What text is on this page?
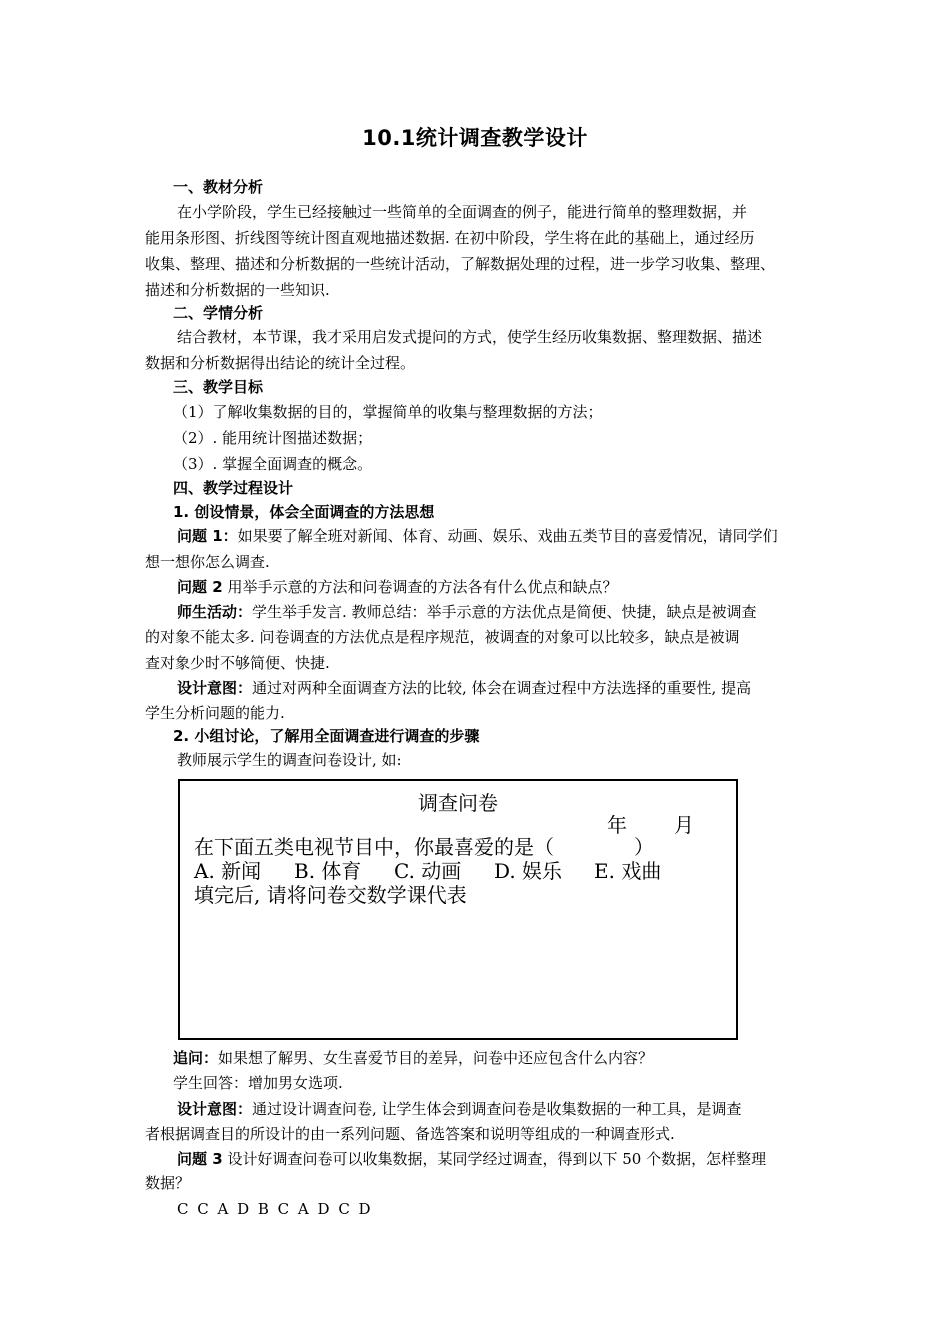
10.1统计调查教学设计
一、教材分析
在小学阶段，学生已经接触过一些简单的全面调查的例子，能进行简单的整理数据，并
能用条形图、折线图等统计图直观地描述数据. 在初中阶段，学生将在此的基础上，通过经历
收集、整理、描述和分析数据的一些统计活动，了解数据处理的过程，进一步学习收集、整理、
描述和分析数据的一些知识.
二、学情分析
结合教材，本节课，我才采用启发式提问的方式，使学生经历收集数据、整理数据、描述
数据和分析数据得出结论的统计全过程。
三、教学目标
（1）了解收集数据的目的，掌握简单的收集与整理数据的方法；
（2）. 能用统计图描述数据；
（3）. 掌握全面调查的概念。
四、教学过程设计
1. 创设情景，体会全面调查的方法思想
问题 1：如果要了解全班对新闻、体育、动画、娱乐、戏曲五类节目的喜爱情况，请同学们
想一想你怎么调查.
问题 2 用举手示意的方法和问卷调查的方法各有什么优点和缺点？
师生活动：学生举手发言. 教师总结：举手示意的方法优点是简便、快捷，缺点是被调查
的对象不能太多. 问卷调查的方法优点是程序规范，被调查的对象可以比较多，缺点是被调
查对象少时不够简便、快捷.
设计意图：通过对两种全面调查方法的比较, 体会在调查过程中方法选择的重要性, 提高
学生分析问题的能力.
2. 小组讨论，了解用全面调查进行调查的步骤
教师展示学生的调查问卷设计, 如:
调查问卷
年 月
在下面五类电视节目中，你最喜爱的是（　　　　）
A. 新闻 B. 体育 C. 动画 D. 娱乐 E. 戏曲
填完后, 请将问卷交数学课代表
追问：如果想了解男、女生喜爱节目的差异，问卷中还应包含什么内容？
学生回答：增加男女选项.
设计意图：通过设计调查问卷, 让学生体会到调查问卷是收集数据的一种工具，是调查
者根据调查目的所设计的由一系列问题、备选答案和说明等组成的一种调查形式.
问题 3 设计好调查问卷可以收集数据，某同学经过调查，得到以下 50 个数据，怎样整理
数据？
C C A D B C A D C D
